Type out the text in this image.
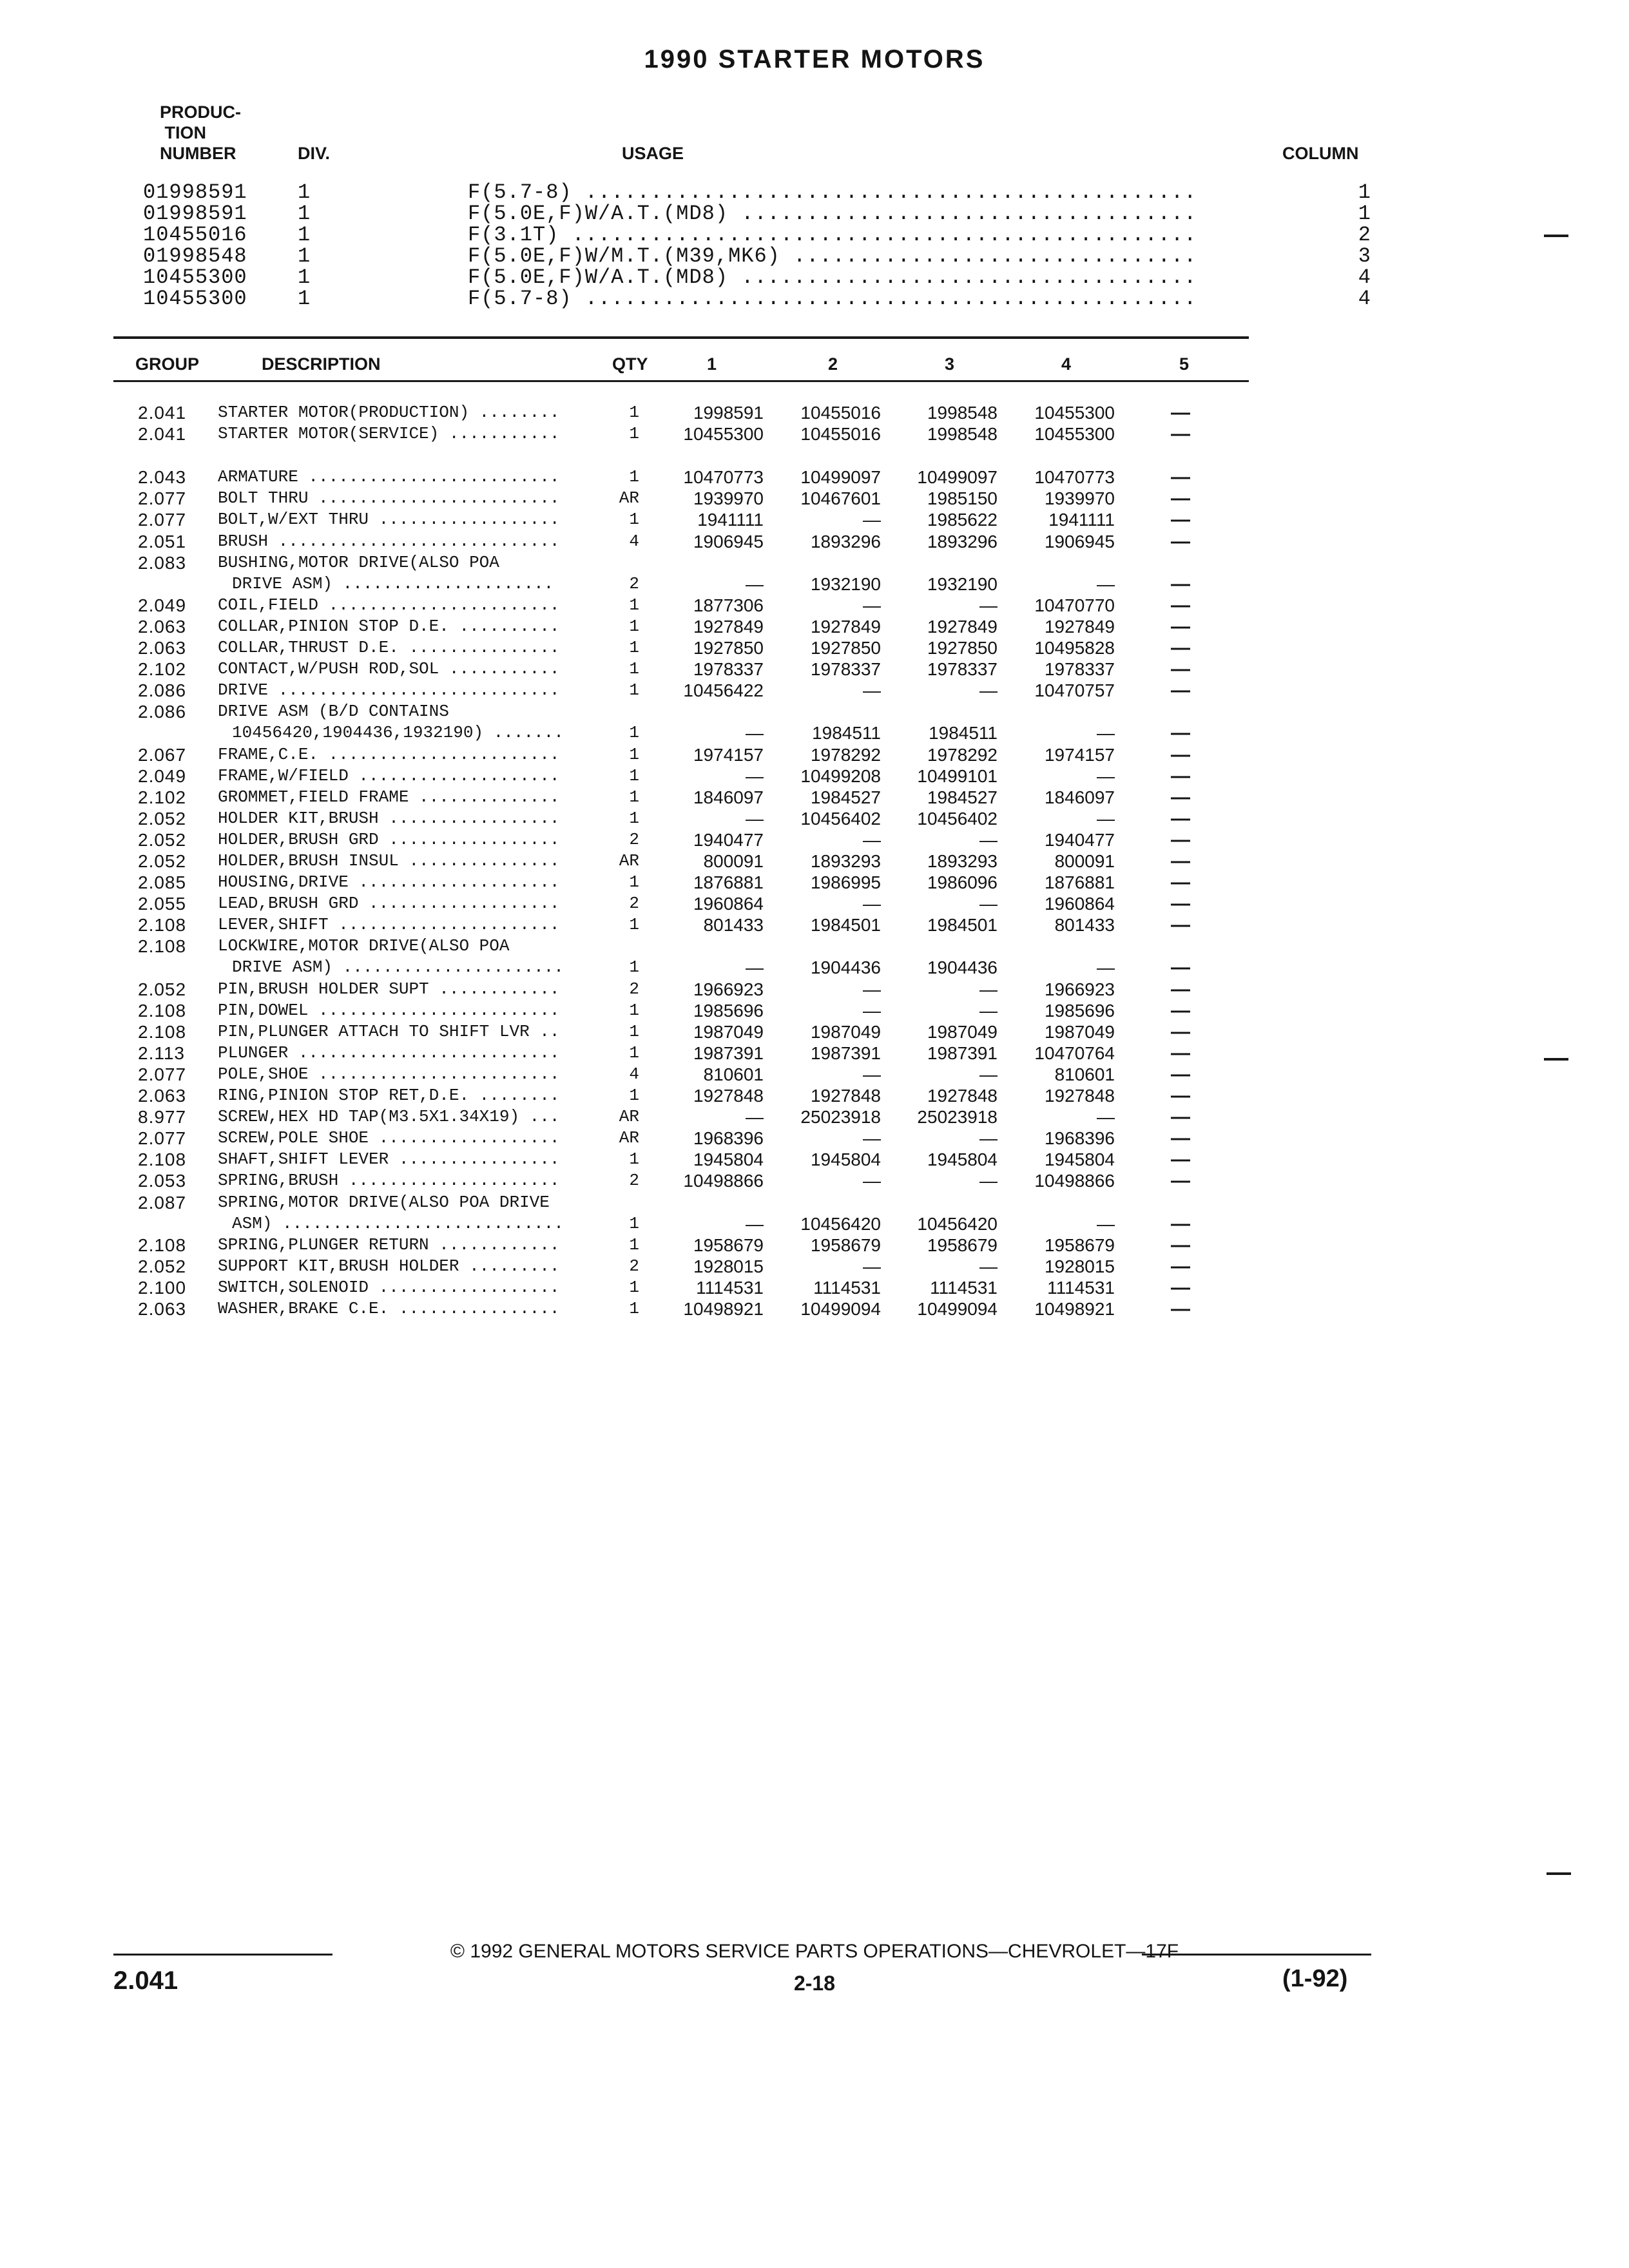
1990 STARTER MOTORS
PRODUC-
TION
NUMBER	DIV.	USAGE	COLUMN
01998591 1	F(5.7-8) ...............................................	1
01998591 1	F(5.0E,F)W/A.T.(MD8) ...................................	1
10455016 1	F(3.1T) ................................................	2
01998548 1	F(5.0E,F)W/M.T.(M39,MK6) ...............................	3
10455300 1	F(5.0E,F)W/A.T.(MD8) ...................................	4
10455300 1	F(5.7-8) ...............................................	4
GROUP	DESCRIPTION	QTY	1	2	3	4	5
2.041 STARTER MOTOR(PRODUCTION) ........	1	1998591	10455016	1998548	10455300	—
2.041 STARTER MOTOR(SERVICE) ...........	1	10455300	10455016	1998548	10455300	—
2.043 ARMATURE .........................	1	10470773	10499097	10499097	10470773	—
2.077 BOLT THRU ........................	AR	1939970	10467601	1985150	1939970	—
2.077 BOLT,W/EXT THRU ..................	1	1941111	—	1985622	1941111	—
2.051 BRUSH ............................	4	1906945	1893296	1893296	1906945	—
2.083 BUSHING,MOTOR DRIVE(ALSO POA
DRIVE ASM) .....................	2	—	1932190	1932190	—	—
2.049 COIL,FIELD .......................	1	1877306	—	—	10470770	—
2.063 COLLAR,PINION STOP D.E. ..........	1	1927849	1927849	1927849	1927849	—
2.063 COLLAR,THRUST D.E. ...............	1	1927850	1927850	1927850	10495828	—
2.102 CONTACT,W/PUSH ROD,SOL ...........	1	1978337	1978337	1978337	1978337	—
2.086 DRIVE ............................	1	10456422	—	—	10470757	—
2.086 DRIVE ASM (B/D CONTAINS
10456420,1904436,1932190) .......	1	—	1984511	1984511	—	—
2.067 FRAME,C.E. .......................	1	1974157	1978292	1978292	1974157	—
2.049 FRAME,W/FIELD ....................	1	—	10499208	10499101	—	—
2.102 GROMMET,FIELD FRAME ..............	1	1846097	1984527	1984527	1846097	—
2.052 HOLDER KIT,BRUSH .................	1	—	10456402	10456402	—	—
2.052 HOLDER,BRUSH GRD .................	2	1940477	—	—	1940477	—
2.052 HOLDER,BRUSH INSUL ...............	AR	800091	1893293	1893293	800091	—
2.085 HOUSING,DRIVE ....................	1	1876881	1986995	1986096	1876881	—
2.055 LEAD,BRUSH GRD ...................	2	1960864	—	—	1960864	—
2.108 LEVER,SHIFT ......................	1	801433	1984501	1984501	801433	—
2.108 LOCKWIRE,MOTOR DRIVE(ALSO POA
DRIVE ASM) ......................	1	—	1904436	1904436	—	—
2.052 PIN,BRUSH HOLDER SUPT ............	2	1966923	—	—	1966923	—
2.108 PIN,DOWEL ........................	1	1985696	—	—	1985696	—
2.108 PIN,PLUNGER ATTACH TO SHIFT LVR ..	1	1987049	1987049	1987049	1987049	—
2.113 PLUNGER ..........................	1	1987391	1987391	1987391	10470764	—
2.077 POLE,SHOE ........................	4	810601	—	—	810601	—
2.063 RING,PINION STOP RET,D.E. ........	1	1927848	1927848	1927848	1927848	—
8.977 SCREW,HEX HD TAP(M3.5X1.34X19) ...	AR	—	25023918	25023918	—	—
2.077 SCREW,POLE SHOE ..................	AR	1968396	—	—	1968396	—
2.108 SHAFT,SHIFT LEVER ................	1	1945804	1945804	1945804	1945804	—
2.053 SPRING,BRUSH .....................	2	10498866	—	—	10498866	—
2.087 SPRING,MOTOR DRIVE(ALSO POA DRIVE
ASM) ............................	1	—	10456420	10456420	—	—
2.108 SPRING,PLUNGER RETURN ............	1	1958679	1958679	1958679	1958679	—
2.052 SUPPORT KIT,BRUSH HOLDER .........	2	1928015	—	—	1928015	—
2.100 SWITCH,SOLENOID ..................	1	1114531	1114531	1114531	1114531	—
2.063 WASHER,BRAKE C.E. ................	1	10498921	10499094	10499094	10498921	—
© 1992 GENERAL MOTORS SERVICE PARTS OPERATIONS—CHEVROLET—17F
2.041	2-18	(1-92)
